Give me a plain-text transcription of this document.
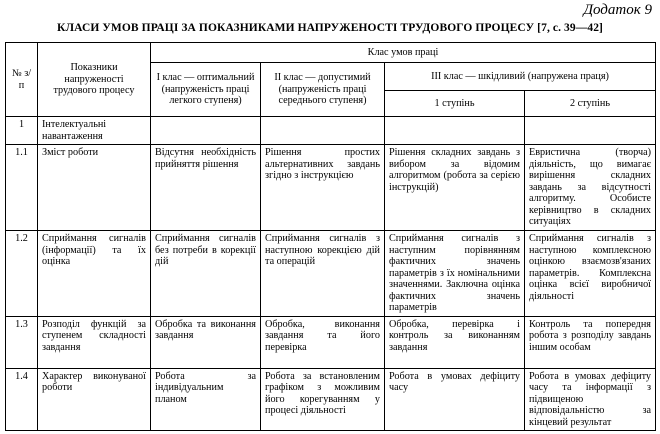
Додаток 9
КЛАСИ УМОВ ПРАЦІ ЗА ПОКАЗНИКАМИ НАПРУЖЕНОСТІ ТРУДОВОГО ПРОЦЕСУ [7, с. 39—42]
№ з/п	Показники напруженості трудового процесу	Клас умов праці			
		І клас — оптимальний (напруженість праці легкого ступеня)	ІІ клас — допустимий (напруженість праці середнього ступеня)	ІІІ клас — шкідливий (напружена праця)	
				1 ступінь	2 ступінь
1	Інтелектуальні навантаження				
1.1	Зміст роботи	Відсутня необхідність прийняття рішення	Рішення простих альтернативних завдань згідно з інструкцією	Рішення складних завдань з вибором за відомим алгоритмом (робота за серією інструкцій)	Евристична (творча) діяльність, що вимагає вирішення складних завдань за відсутності алгоритму. Особисте керівництво в складних ситуаціях
1.2	Сприймання сигналів (інформації) та їх оцінка	Сприймання сигналів без потреби в корекції дій	Сприймання сигналів з наступною корекцією дій та операцій	Сприймання сигналів з наступним порівнянням фактичних значень параметрів з їх номінальними значеннями. Заключна оцінка фактичних значень параметрів	Сприймання сигналів з наступною комплексною оцінкою взаємозв'язаних параметрів. Комплексна оцінка всієї виробничої діяльності
1.3	Розподіл функцій за ступенем складності завдання	Обробка та виконання завдання	Обробка, виконання завдання та його перевірка	Обробка, перевірка і контроль за виконанням завдання	Контроль та попередня робота з розподілу завдань іншим особам
1.4	Характер виконуваної роботи	Робота за індивідуальним планом	Робота за встановленим графіком з можливим його корегуванням у процесі діяльності	Робота в умовах дефіциту часу	Робота в умовах дефіциту часу та інформації з підвищеною відповідальністю за кінцевий результат
